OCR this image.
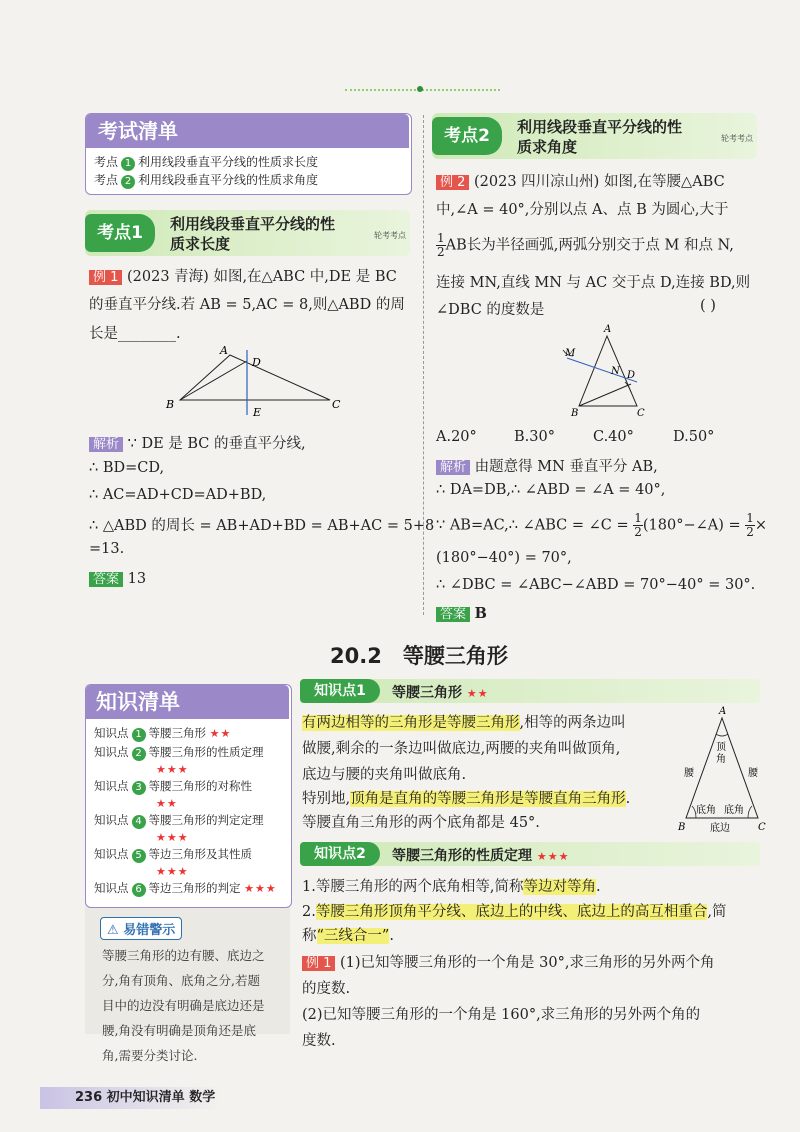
考试清单
考点 1 利用线段垂直平分线的性质求长度
考点 2 利用线段垂直平分线的性质求角度
考点1	利用线段垂直平分线的性
质求长度	轮考考点
例 1 (2023 青海) 如图,在△ABC 中,DE 是 BC
的垂直平分线.若 AB = 5,AC = 8,则△ABD 的周
长是________.
A
D
B
E
C
解析 ∵ DE 是 BC 的垂直平分线,
∴ BD=CD,
∴ AC=AD+CD=AD+BD,
∴ △ABD 的周长 = AB+AD+BD = AB+AC = 5+8
=13.
答案 13
考点2	利用线段垂直平分线的性
质求角度	轮考考点
例 2 (2023 四川凉山州) 如图,在等腰△ABC
中,∠A = 40°,分别以点 A、点 B 为圆心,大于
$\frac{1}{2}$ AB长为半径画弧,两弧分别交于点 M 和点 N,
连接 MN,直线 MN 与 AC 交于点 D,连接 BD,则
∠DBC 的度数是	( )
A
M
N D
B	C
A.20°	B.30°	C.40°	D.50°
解析 由题意得 MN 垂直平分 AB,
∴ DA=DB,∴ ∠ABD = ∠A = 40°,
∵ AB=AC,∴ ∠ABC = ∠C = $\frac{1}{2}$ (180°−∠A) = $\frac{1}{2}$ ×
(180°−40°) = 70°,
∴ ∠DBC = ∠ABC−∠ABD = 70°−40° = 30°.
答案 B
20.2　等腰三角形
知识清单
知识点 1 等腰三角形 ★★
知识点 2 等腰三角形的性质定理
★★★
知识点 3 等腰三角形的对称性
★★
知识点 4 等腰三角形的判定定理
★★★
知识点 5 等边三角形及其性质
★★★
知识点 6 等边三角形的判定 ★★★
⚠ 易错警示
等腰三角形的边有腰、底边之
分,角有顶角、底角之分,若题
目中的边没有明确是底边还是
腰,角没有明确是顶角还是底
角,需要分类讨论.
知识点1	等腰三角形 ★★
有两边相等的三角形是等腰三角形,相等的两条边叫
做腰,剩余的一条边叫做底边,两腰的夹角叫做顶角,
底边与腰的夹角叫做底角.
特别地,顶角是直角的等腰三角形是等腰直角三角形.
等腰直角三角形的两个底角都是 45°.
A
顶
角
腰	腰
底角 底角
B 底边	C
知识点2	等腰三角形的性质定理 ★★★
1.等腰三角形的两个底角相等,简称等边对等角.
2.等腰三角形顶角平分线、底边上的中线、底边上的高互相重合,简
称“三线合一”.
例 1 (1)已知等腰三角形的一个角是 30°,求三角形的另外两个角
的度数.
(2)已知等腰三角形的一个角是 160°,求三角形的另外两个角的
度数.
236 初中知识清单 数学
